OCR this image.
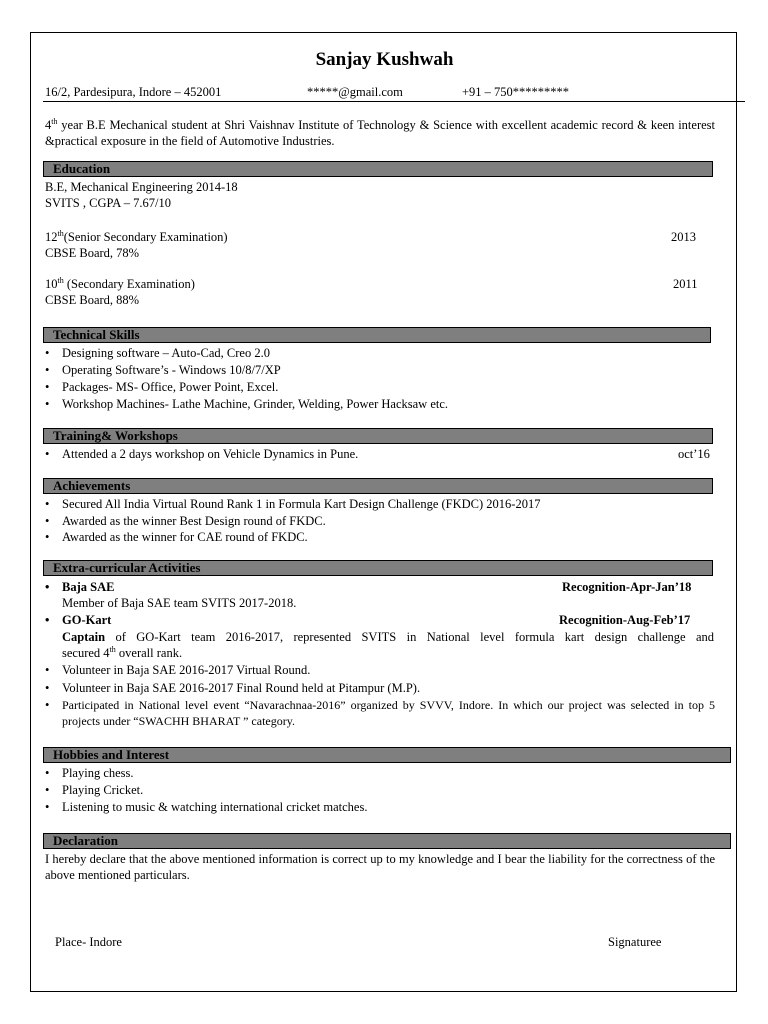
Sanjay Kushwah
16/2, Pardesipura, Indore – 452001	*****@gmail.com	+91 – 750*********
4th year B.E Mechanical student at Shri Vaishnav Institute of Technology & Science with excellent academic record & keen interest &practical exposure in the field of Automotive Industries.
Education
B.E, Mechanical Engineering 2014-18
SVITS , CGPA – 7.67/10
12th(Senior Secondary Examination)	2013
CBSE Board, 78%
10th (Secondary Examination)	2011
CBSE Board, 88%
Technical Skills
• Designing software – Auto-Cad, Creo 2.0
• Operating Software’s - Windows 10/8/7/XP
• Packages- MS- Office, Power Point, Excel.
• Workshop Machines- Lathe Machine, Grinder, Welding, Power Hacksaw etc.
Training& Workshops
• Attended a 2 days workshop on Vehicle Dynamics in Pune.	oct’16
Achievements
• Secured All India Virtual Round Rank 1 in Formula Kart Design Challenge (FKDC) 2016-2017
• Awarded as the winner Best Design round of FKDC.
• Awarded as the winner for CAE round of FKDC.
Extra-curricular Activities
• Baja SAE	Recognition-Apr-Jan’18
Member of Baja SAE team SVITS 2017-2018.
• GO-Kart	Recognition-Aug-Feb’17
Captain of GO-Kart team 2016-2017, represented SVITS in National level formula kart design challenge and
secured 4th overall rank.
• Volunteer in Baja SAE 2016-2017 Virtual Round.
• Volunteer in Baja SAE 2016-2017 Final Round held at Pitampur (M.P).
• Participated in National level event “Navarachnaa-2016” organized by SVVV, Indore. In which our project was selected in top 5 projects under “SWACHH BHARAT ” category.
Hobbies and Interest
• Playing chess.
• Playing Cricket.
• Listening to music & watching international cricket matches.
Declaration
I hereby declare that the above mentioned information is correct up to my knowledge and I bear the liability for the correctness of the above mentioned particulars.
Place- Indore	Signaturee
